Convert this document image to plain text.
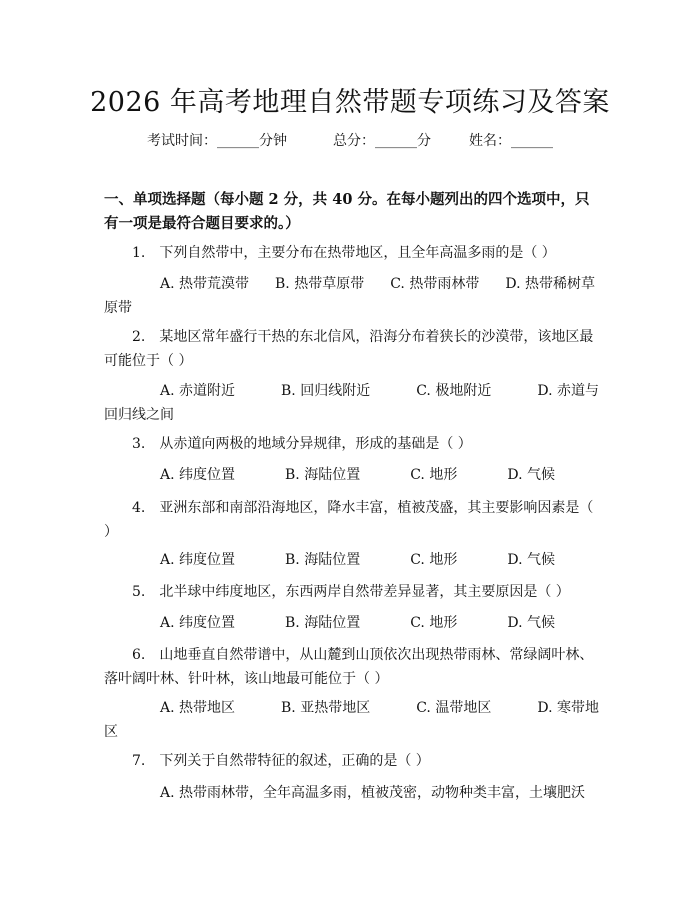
2026 年高考地理自然带题专项练习及答案
考试时间：______分钟	总分：______分	姓名：______
一、单项选择题（每小题 2 分，共 40 分。在每小题列出的四个选项中，只有一项是最符合题目要求的。）
1.　下列自然带中，主要分布在热带地区，且全年高温多雨的是（ ）
A. 热带荒漠带 B. 热带草原带 C. 热带雨林带 D. 热带稀树草原带
2.　某地区常年盛行干热的东北信风，沿海分布着狭长的沙漠带，该地区最可能位于（ ）
A. 赤道附近	B. 回归线附近	C. 极地附近	D. 赤道与回归线之间
3.　从赤道向两极的地域分异规律，形成的基础是（ ）
A. 纬度位置	B. 海陆位置	C. 地形	D. 气候
4.　亚洲东部和南部沿海地区，降水丰富，植被茂盛，其主要影响因素是（ ）
A. 纬度位置	B. 海陆位置	C. 地形	D. 气候
5.　北半球中纬度地区，东西两岸自然带差异显著，其主要原因是（ ）
A. 纬度位置	B. 海陆位置	C. 地形	D. 气候
6.　山地垂直自然带谱中，从山麓到山顶依次出现热带雨林、常绿阔叶林、落叶阔叶林、针叶林，该山地最可能位于（ ）
A. 热带地区	B. 亚热带地区	C. 温带地区	D. 寒带地区
7.　下列关于自然带特征的叙述，正确的是（ ）
A. 热带雨林带，全年高温多雨，植被茂密，动物种类丰富，土壤肥沃
